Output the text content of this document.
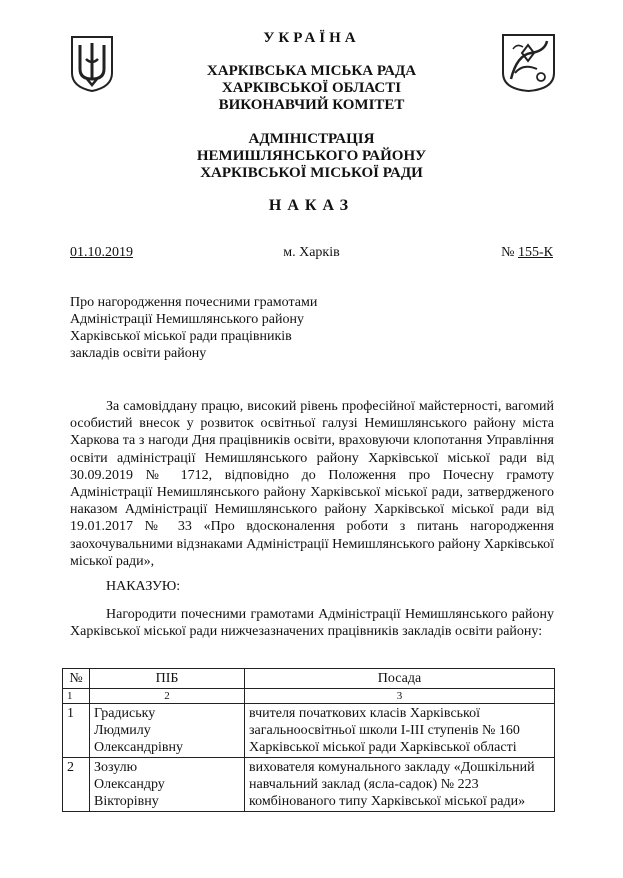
УКРАЇНА
ХАРКІВСЬКА МІСЬКА РАДА
ХАРКІВСЬКОЇ ОБЛАСТІ
ВИКОНАВЧИЙ КОМІТЕТ
АДМІНІСТРАЦІЯ
НЕМИШЛЯНСЬКОГО РАЙОНУ
ХАРКІВСЬКОЇ МІСЬКОЇ РАДИ
НАКАЗ
01.10.2019	м. Харків	№ 155-К
Про нагородження почесними грамотами
Адміністрації Немишлянського району
Харківської міської ради працівників
закладів освіти району
За самовіддану працю, високий рівень професійної майстерності, вагомий особистий внесок у розвиток освітньої галузі Немишлянського району міста Харкова та з нагоди Дня працівників освіти, враховуючи клопотання Управління освіти адміністрації Немишлянського району Харківської міської ради від 30.09.2019 № 1712, відповідно до Положення про Почесну грамоту Адміністрації Немишлянського району Харківської міської ради, затвердженого наказом Адміністрації Немишлянського району Харківської міської ради від 19.01.2017 № 33 «Про вдосконалення роботи з питань нагородження заохочувальними відзнаками Адміністрації Немишлянського району Харківської міської ради»,
НАКАЗУЮ:
Нагородити почесними грамотами Адміністрації Немишлянського району Харківської міської ради нижчезазначених працівників закладів освіти району:
№	ПІБ	Посада
1	2	3
1	Градиську
Людмилу
Олександрівну	вчителя початкових класів Харківської загальноосвітньої школи І-ІІІ ступенів № 160 Харківської міської ради Харківської області
2	Зозулю
Олександру
Вікторівну	вихователя комунального закладу «Дошкільний навчальний заклад (ясла-садок) № 223 комбінованого типу Харківської міської ради»
